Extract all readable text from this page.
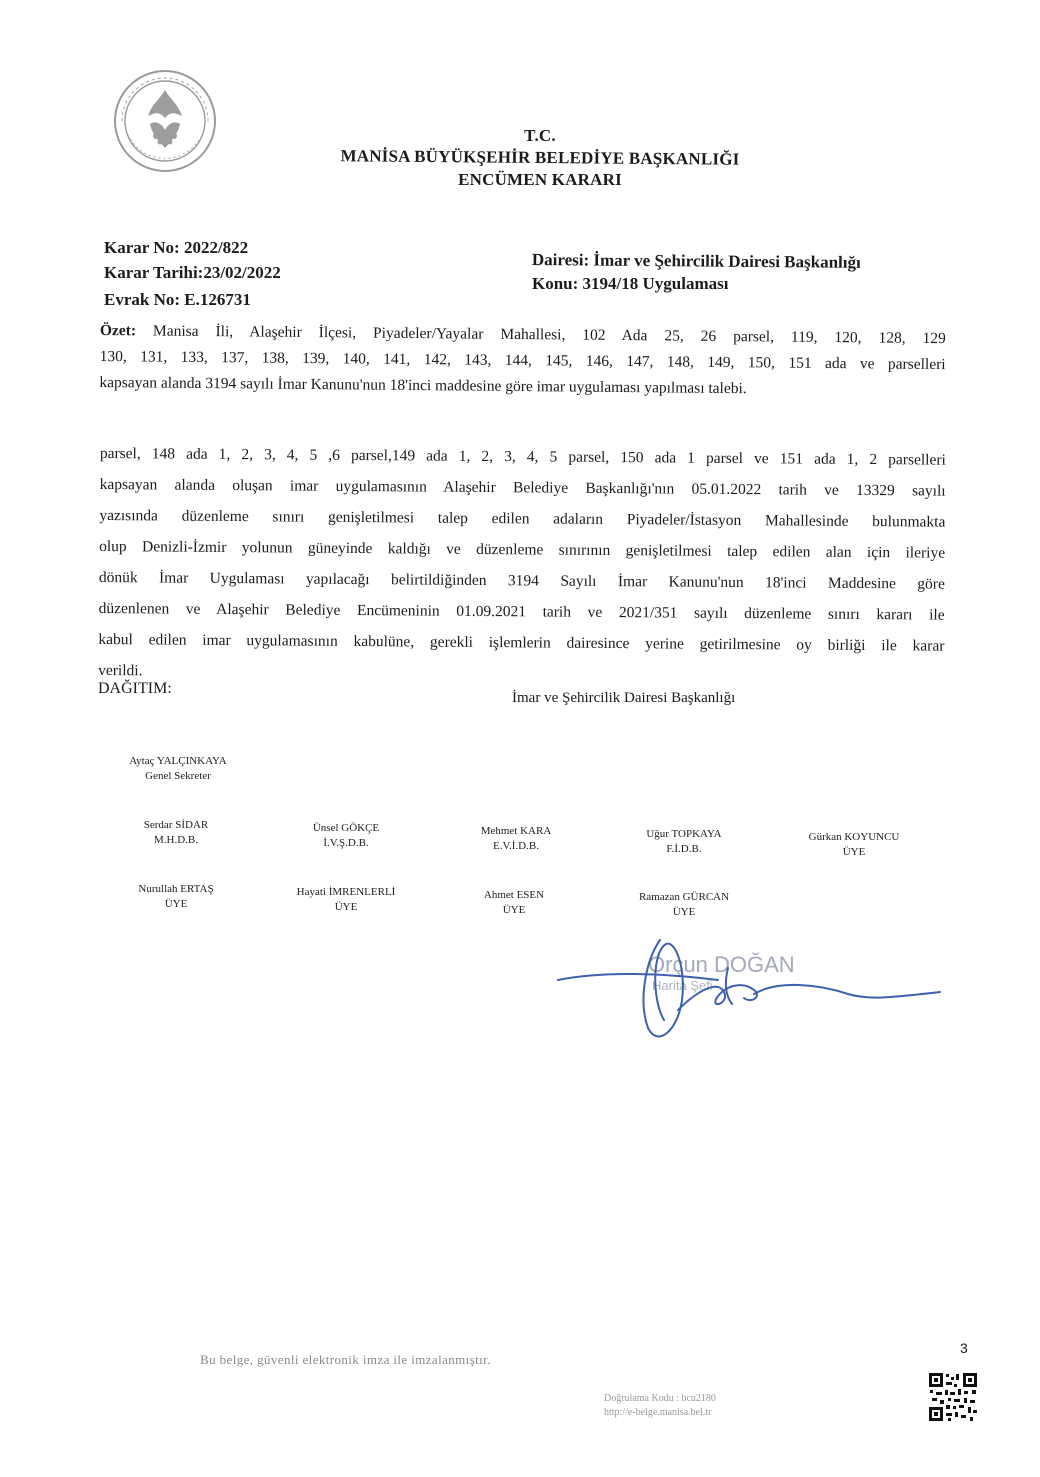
T.C.
MANİSA BÜYÜKŞEHİR BELEDİYE BAŞKANLIĞI
ENCÜMEN KARARI
Karar No: 2022/822
Karar Tarihi:23/02/2022
Evrak No: E.126731
Dairesi: İmar ve Şehircilik Dairesi Başkanlığı
Konu: 3194/18 Uygulaması
Özet: Manisa İli, Alaşehir İlçesi, Piyadeler/Yayalar Mahallesi, 102 Ada 25, 26 parsel, 119, 120, 128, 129
130, 131, 133, 137, 138, 139, 140, 141, 142, 143, 144, 145, 146, 147, 148, 149, 150, 151 ada ve parselleri
kapsayan alanda 3194 sayılı İmar Kanunu'nun 18'inci maddesine göre imar uygulaması yapılması talebi.
parsel, 148 ada 1, 2, 3, 4, 5 ,6 parsel,149 ada 1, 2, 3, 4, 5 parsel, 150 ada 1 parsel ve 151 ada 1, 2 parselleri
kapsayan alanda oluşan imar uygulamasının Alaşehir Belediye Başkanlığı'nın 05.01.2022 tarih ve 13329 sayılı
yazısında düzenleme sınırı genişletilmesi talep edilen adaların Piyadeler/İstasyon Mahallesinde bulunmakta
olup Denizli-İzmir yolunun güneyinde kaldığı ve düzenleme sınırının genişletilmesi talep edilen alan için ileriye
dönük İmar Uygulaması yapılacağı belirtildiğinden 3194 Sayılı İmar Kanunu'nun 18'inci Maddesine göre
düzenlenen ve Alaşehir Belediye Encümeninin 01.09.2021 tarih ve 2021/351 sayılı düzenleme sınırı kararı ile
kabul edilen imar uygulamasının kabulüne, gerekli işlemlerin dairesince yerine getirilmesine oy birliği ile karar
verildi.
DAĞITIM:
İmar ve Şehircilik Dairesi Başkanlığı
Aytaç YALÇINKAYA
Genel Sekreter
Serdar SİDAR
M.H.D.B.
Ünsel GÖKÇE
İ.V.Ş.D.B.
Mehmet KARA
E.V.İ.D.B.
Uğur TOPKAYA
F.İ.D.B.
Gürkan KOYUNCU
ÜYE
Nurullah ERTAŞ
ÜYE
Hayati İMRENLERLİ
ÜYE
Ahmet ESEN
ÜYE
Ramazan GÜRCAN
ÜYE
Orçun DOĞAN
Harita Şefi
Bu belge, güvenli elektronik imza ile imzalanmıştır.
3
Doğrulama Kodu : bcu2180
http://e-belge.manisa.bel.tr
